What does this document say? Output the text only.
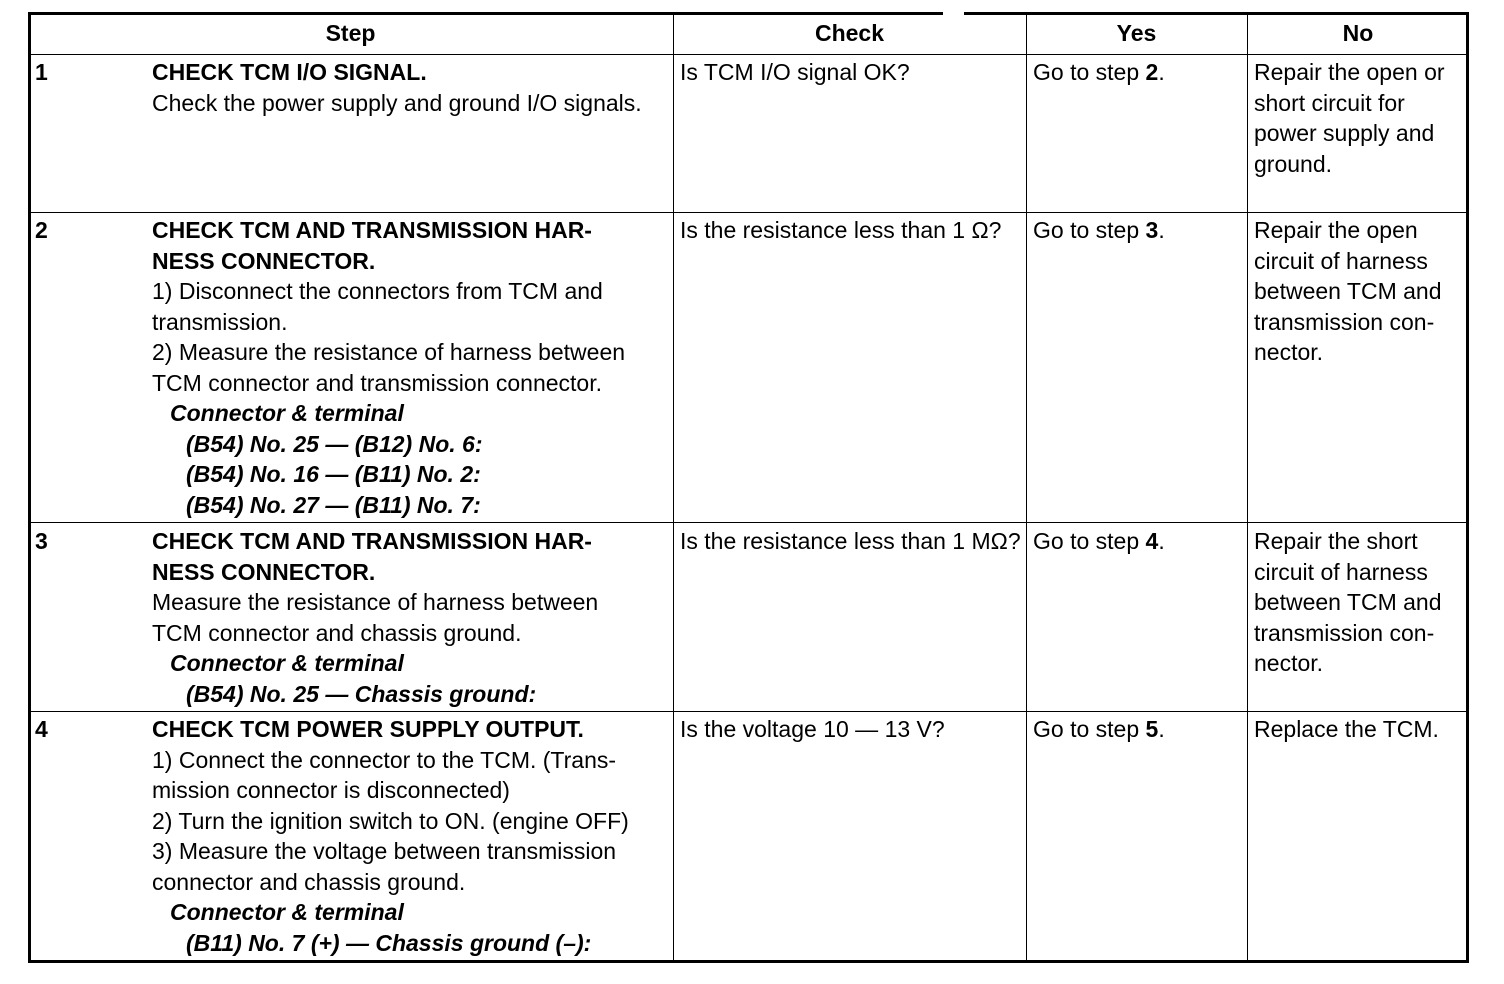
Step	Check	Yes	No
1	CHECK TCM I/O SIGNAL.
Check the power supply and ground I/O signals.
Is TCM I/O signal OK?	Go to step 2.	Repair the open or
short circuit for
power supply and
ground.
2	CHECK TCM AND TRANSMISSION HAR-
NESS CONNECTOR.
1) Disconnect the connectors from TCM and
transmission.
2) Measure the resistance of harness between
TCM connector and transmission connector.
Connector & terminal
(B54) No. 25 — (B12) No. 6:
(B54) No. 16 — (B11) No. 2:
(B54) No. 27 — (B11) No. 7:
Is the resistance less than 1 Ω? Go to step 3.	Repair the open
circuit of harness
between TCM and
transmission con-
nector.
3	CHECK TCM AND TRANSMISSION HAR-
NESS CONNECTOR.
Measure the resistance of harness between
TCM connector and chassis ground.
Connector & terminal
(B54) No. 25 — Chassis ground:
Is the resistance less than 1 MΩ? Go to step 4.	Repair the short
circuit of harness
between TCM and
transmission con-
nector.
4	CHECK TCM POWER SUPPLY OUTPUT.
1) Connect the connector to the TCM. (Trans-
mission connector is disconnected)
2) Turn the ignition switch to ON. (engine OFF)
3) Measure the voltage between transmission
connector and chassis ground.
Connector & terminal
(B11) No. 7 (+) — Chassis ground (–):
Is the voltage 10 — 13 V?	Go to step 5.	Replace the TCM.
